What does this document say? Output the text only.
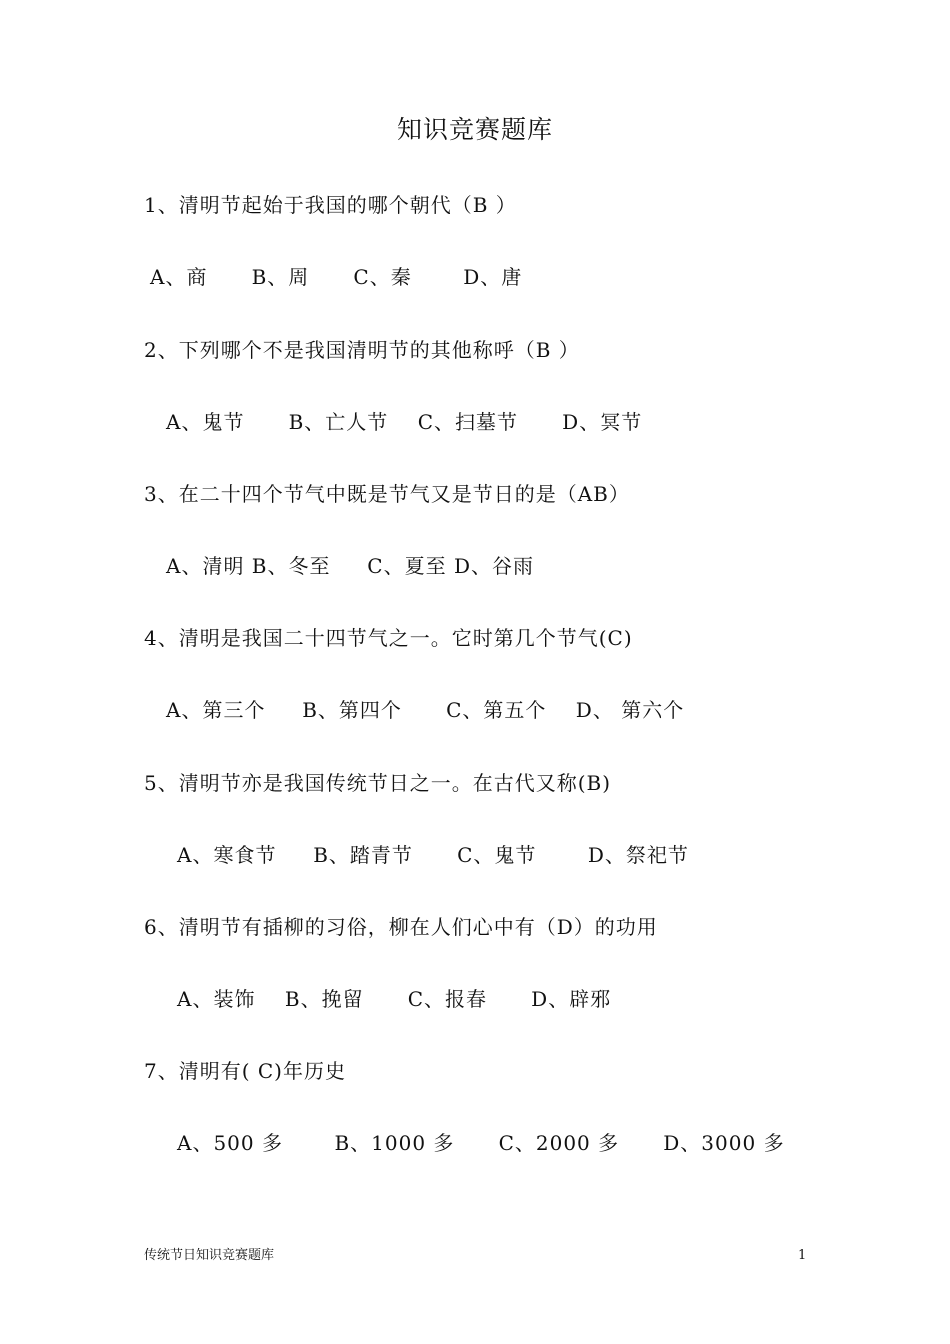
知识竞赛题库
1、清明节起始于我国的哪个朝代（B ）
A、商      B、周      C、秦       D、唐
2、下列哪个不是我国清明节的其他称呼（B ）
A、鬼节      B、亡人节    C、扫墓节      D、冥节
3、在二十四个节气中既是节气又是节日的是（AB）
A、清明 B、冬至     C、夏至 D、谷雨
4、清明是我国二十四节气之一。它时第几个节气(C)
A、第三个     B、第四个      C、第五个    D、 第六个
5、清明节亦是我国传统节日之一。在古代又称(B)
A、寒食节     B、踏青节      C、鬼节       D、祭祀节
6、清明节有插柳的习俗，柳在人们心中有（D）的功用
A、装饰    B、挽留      C、报春      D、辟邪
7、清明有( C)年历史
A、500 多       B、1000 多      C、2000 多      D、3000 多
传统节日知识竞赛题库	1
